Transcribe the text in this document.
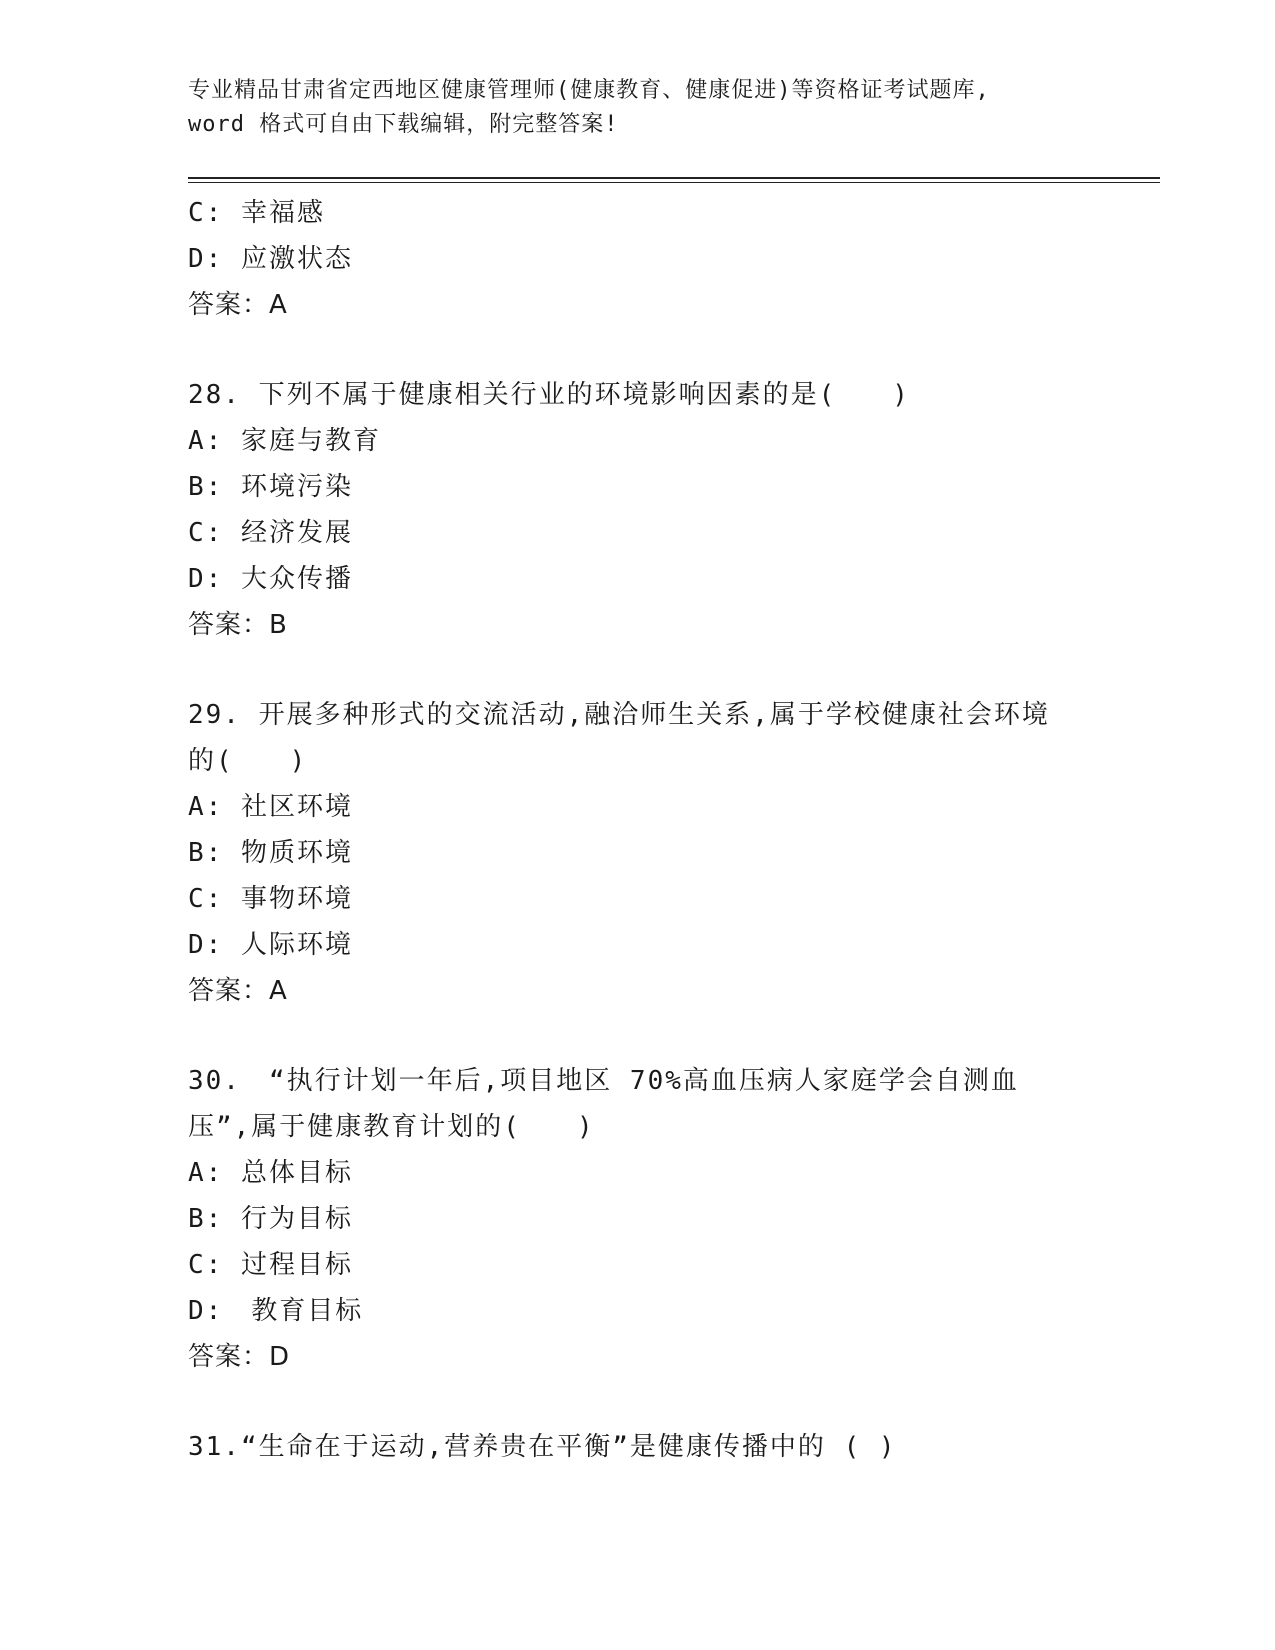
专业精品甘肃省定西地区健康管理师(健康教育、健康促进)等资格证考试题库,
word 格式可自由下载编辑，附完整答案!
C: 幸福感
D: 应激状态
答案：A
28. 下列不属于健康相关行业的环境影响因素的是(　　)
A: 家庭与教育
B: 环境污染
C: 经济发展
D: 大众传播
答案：B
29. 开展多种形式的交流活动,融洽师生关系,属于学校健康社会环境的(　　)
A: 社区环境
B: 物质环境
C: 事物环境
D: 人际环境
答案：A
30.　“执行计划一年后,项目地区 70%高血压病人家庭学会自测血压”,属于健康教育计划的(　　)
A: 总体目标
B: 行为目标
C: 过程目标
D:　教育目标
答案：D
31.“生命在于运动,营养贵在平衡”是健康传播中的 ( )
